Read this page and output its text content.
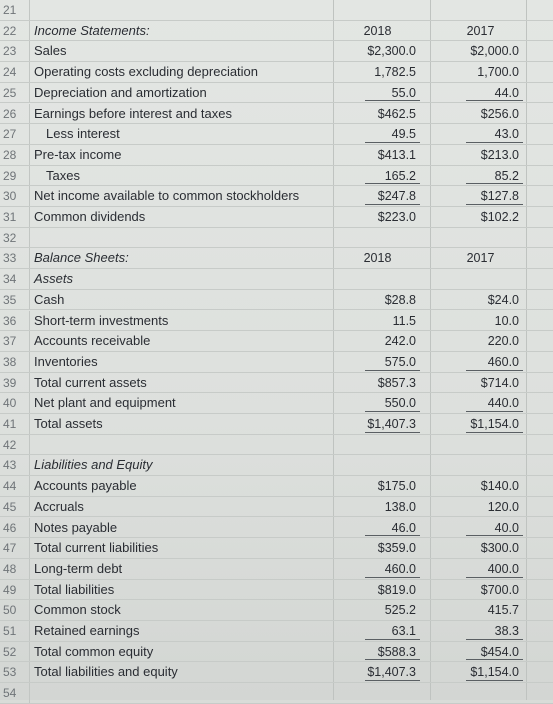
21
22	Income Statements:	2018	2017
23	Sales	$2,300.0	$2,000.0
24	Operating costs excluding depreciation	1,782.5	1,700.0
25	Depreciation and amortization	55.0	44.0
26	Earnings before interest and taxes	$462.5	$256.0
27	Less interest	49.5	43.0
28	Pre-tax income	$413.1	$213.0
29	Taxes	165.2	85.2
30	Net income available to common stockholders	$247.8	$127.8
31	Common dividends	$223.0	$102.2
32
33	Balance Sheets:	2018	2017
34	Assets
35	Cash	$28.8	$24.0
36	Short-term investments	11.5	10.0
37	Accounts receivable	242.0	220.0
38	Inventories	575.0	460.0
39	Total current assets	$857.3	$714.0
40	Net plant and equipment	550.0	440.0
41	Total assets	$1,407.3	$1,154.0
42
43	Liabilities and Equity
44	Accounts payable	$175.0	$140.0
45	Accruals	138.0	120.0
46	Notes payable	46.0	40.0
47	Total current liabilities	$359.0	$300.0
48	Long-term debt	460.0	400.0
49	Total liabilities	$819.0	$700.0
50	Common stock	525.2	415.7
51	Retained earnings	63.1	38.3
52	Total common equity	$588.3	$454.0
53	Total liabilities and equity	$1,407.3	$1,154.0
54
